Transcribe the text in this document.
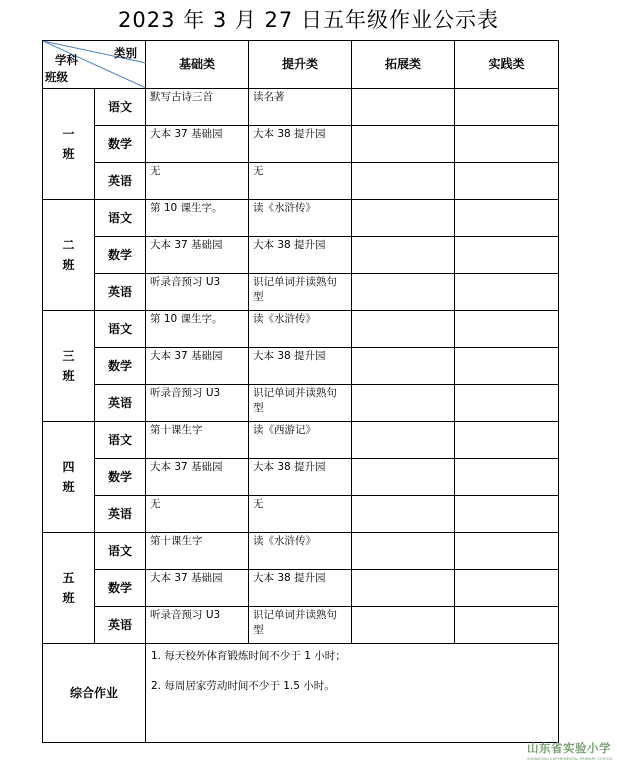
2023 年 3 月 27 日五年级作业公示表
类别
学科
班级		基础类	提升类	拓展类	实践类

一
班	语文	默写古诗三首	读名著		
	数学	大本 37 基础园	大本 38 提升园		
	英语	无	无		

二
班	语文	第 10 课生字。	读《水浒传》		
	数学	大本 37 基础园	大本 38 提升园		
	英语	听录音预习 U3	识记单词并读熟句型		

三
班	语文	第 10 课生字。	读《水浒传》		
	数学	大本 37 基础园	大本 38 提升园		
	英语	听录音预习 U3	识记单词并读熟句型		

四
班	语文	第十课生字	读《西游记》		
	数学	大本 37 基础园	大本 38 提升园		
	英语	无	无		

五
班	语文	第十课生字	读《水浒传》		
	数学	大本 37 基础园	大本 38 提升园		
	英语	听录音预习 U3	识记单词并读熟句型		
综合作业		1. 每天校外体育锻炼时间不少于 1 小时；

2. 每周居家劳动时间不少于 1.5 小时。			

山东省实验小学
SHANDONG EXPERIMENTAL PRIMARY SCHOOL
